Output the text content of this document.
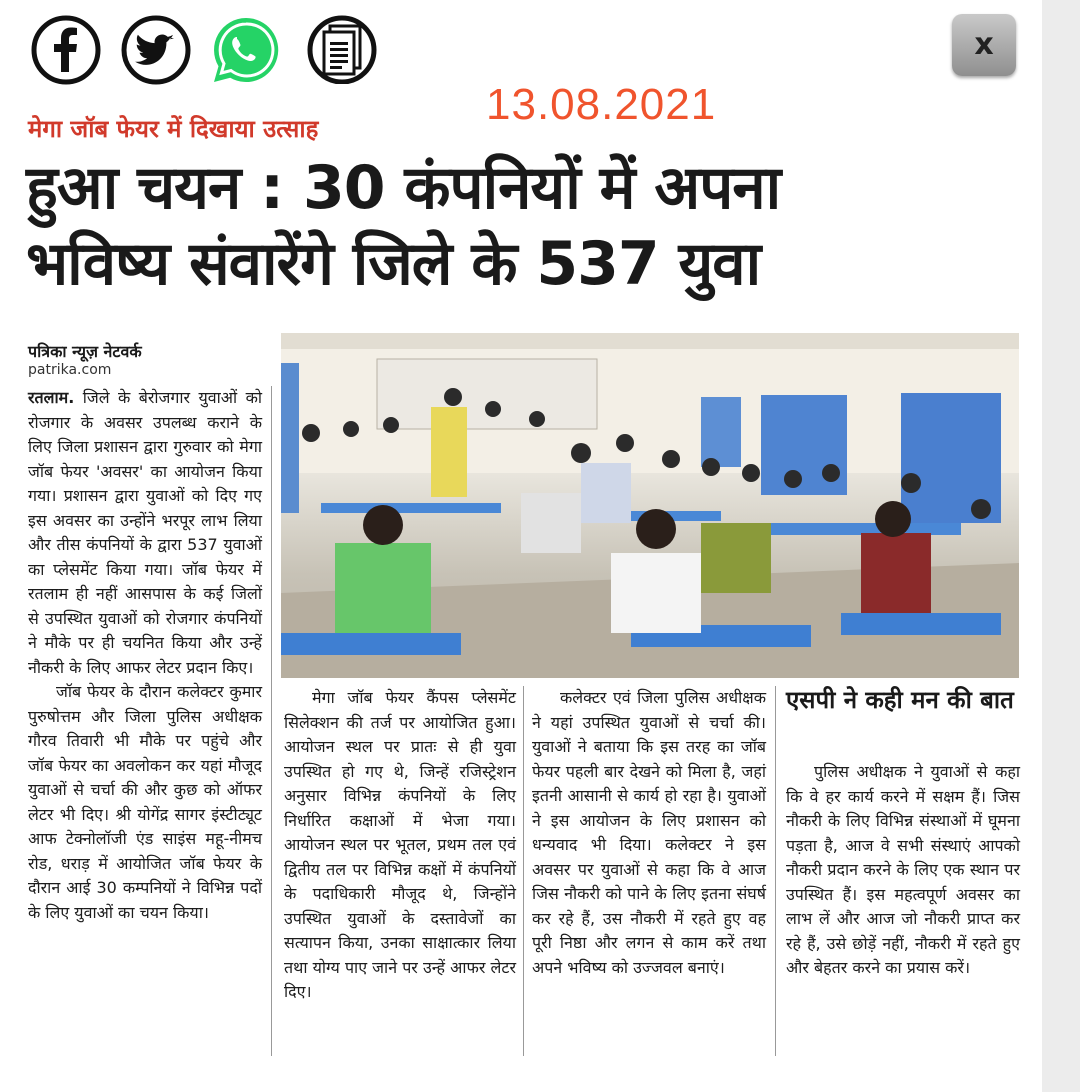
x
13.08.2021
मेगा जॉब फेयर में दिखाया उत्साह
हुआ चयन : 30 कंपनियों में अपना
भविष्य संवारेंगे जिले के 537 युवा
पत्रिका न्यूज़ नेटवर्क
patrika.com

रतलाम. जिले के बेरोजगार युवाओं को रोजगार के अवसर उपलब्ध कराने के लिए जिला प्रशासन द्वारा गुरुवार को मेगा जॉब फेयर 'अवसर' का आयोजन किया गया। प्रशासन द्वारा युवाओं को दिए गए इस अवसर का उन्होंने भरपूर लाभ लिया और तीस कंपनियों के द्वारा 537 युवाओं का प्लेसमेंट किया गया। जॉब फेयर में रतलाम ही नहीं आसपास के कई जिलों से उपस्थित युवाओं को रोजगार कंपनियों ने मौके पर ही चयनित किया और उन्हें नौकरी के लिए आफर लेटर प्रदान किए।

जॉब फेयर के दौरान कलेक्टर कुमार पुरुषोत्तम और जिला पुलिस अधीक्षक गौरव तिवारी भी मौके पर पहुंचे और जॉब फेयर का अवलोकन कर यहां मौजूद युवाओं से चर्चा की और कुछ को ऑफर लेटर भी दिए। श्री योगेंद्र सागर इंस्टीट्यूट आफ टेक्नोलॉजी एंड साइंस महू-नीमच रोड, धराड़ में आयोजित जॉब फेयर के दौरान आई 30 कम्पनियों ने विभिन्न पदों के लिए युवाओं का चयन किया।

मेगा जॉब फेयर कैंपस प्लेसमेंट सिलेक्शन की तर्ज पर आयोजित हुआ। आयोजन स्थल पर प्रातः से ही युवा उपस्थित हो गए थे, जिन्हें रजिस्ट्रेशन अनुसार विभिन्न कंपनियों के लिए निर्धारित कक्षाओं में भेजा गया। आयोजन स्थल पर भूतल, प्रथम तल एवं द्वितीय तल पर विभिन्न कक्षों में कंपनियों के पदाधिकारी मौजूद थे, जिन्होंने उपस्थित युवाओं के दस्तावेजों का सत्यापन किया, उनका साक्षात्कार लिया तथा योग्य पाए जाने पर उन्हें आफर लेटर दिए।

कलेक्टर एवं जिला पुलिस अधीक्षक ने यहां उपस्थित युवाओं से चर्चा की। युवाओं ने बताया कि इस तरह का जॉब फेयर पहली बार देखने को मिला है, जहां इतनी आसानी से कार्य हो रहा है। युवाओं ने इस आयोजन के लिए प्रशासन को धन्यवाद भी दिया। कलेक्टर ने इस अवसर पर युवाओं से कहा कि वे आज जिस नौकरी को पाने के लिए इतना संघर्ष कर रहे हैं, उस नौकरी में रहते हुए वह पूरी निष्ठा और लगन से काम करें तथा अपने भविष्य को उज्जवल बनाएं।

एसपी ने कही मन की बात

पुलिस अधीक्षक ने युवाओं से कहा कि वे हर कार्य करने में सक्षम हैं। जिस नौकरी के लिए विभिन्न संस्थाओं में घूमना पड़ता है, आज वे सभी संस्थाएं आपको नौकरी प्रदान करने के लिए एक स्थान पर उपस्थित हैं। इस महत्वपूर्ण अवसर का लाभ लें और आज जो नौकरी प्राप्त कर रहे हैं, उसे छोड़ें नहीं, नौकरी में रहते हुए और बेहतर करने का प्रयास करें।
